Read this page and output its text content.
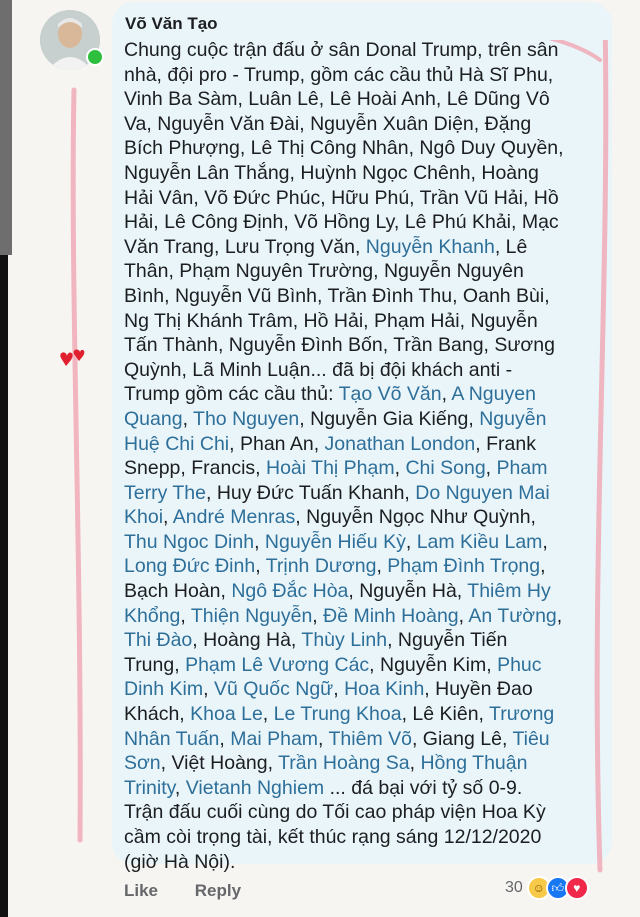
Võ Văn Tạo
Chung cuộc trận đấu ở sân Donal Trump, trên sân
nhà, đội pro - Trump, gồm các cầu thủ Hà Sĩ Phu,
Vinh Ba Sàm, Luân Lê, Lê Hoài Anh, Lê Dũng Vô
Va, Nguyễn Văn Đài, Nguyễn Xuân Diện, Đặng
Bích Phượng, Lê Thị Công Nhân, Ngô Duy Quyền,
Nguyễn Lân Thắng, Huỳnh Ngọc Chênh, Hoàng
Hải Vân, Võ Đức Phúc, Hữu Phú, Trần Vũ Hải, Hồ
Hải, Lê Công Định, Võ Hồng Ly, Lê Phú Khải, Mạc
Văn Trang, Lưu Trọng Văn, Nguyễn Khanh, Lê
Thân, Phạm Nguyên Trường, Nguyễn Nguyên
Bình, Nguyễn Vũ Bình, Trần Đình Thu, Oanh Bùi,
Ng Thị Khánh Trâm, Hồ Hải, Phạm Hải, Nguyễn
Tấn Thành, Nguyễn Đình Bốn, Trần Bang, Sương
Quỳnh, Lã Minh Luận... đã bị đội khách anti -
Trump gồm các cầu thủ: Tạo Võ Văn, A Nguyen
Quang, Tho Nguyen, Nguyễn Gia Kiếng, Nguyễn
Huệ Chi Chi, Phan An, Jonathan London, Frank
Snepp, Francis, Hoài Thị Phạm, Chi Song, Pham
Terry The, Huy Đức Tuấn Khanh, Do Nguyen Mai
Khoi, André Menras, Nguyễn Ngọc Như Quỳnh,
Thu Ngoc Dinh, Nguyễn Hiếu Kỳ, Lam Kiều Lam,
Long Đức Đinh, Trịnh Dương, Phạm Đình Trọng,
Bạch Hoàn, Ngô Đắc Hòa, Nguyễn Hà, Thiêm Hy
Khổng, Thiện Nguyễn, Đề Minh Hoàng, An Tường,
Thi Đào, Hoàng Hà, Thùy Linh, Nguyễn Tiến
Trung, Phạm Lê Vương Các, Nguyễn Kim, Phuc
Dinh Kim, Vũ Quốc Ngữ, Hoa Kinh, Huyền Đao
Khách, Khoa Le, Le Trung Khoa, Lê Kiên, Trương
Nhân Tuấn, Mai Pham, Thiêm Võ, Giang Lê, Tiêu
Sơn, Việt Hoàng, Trần Hoàng Sa, Hồng Thuận
Trinity, Vietanh Nghiem ... đá bại với tỷ số 0-9.
Trận đấu cuối cùng do Tối cao pháp viện Hoa Kỳ
cầm còi trọng tài, kết thúc rạng sáng 12/12/2020
(giờ Hà Nội).
Like Reply	30 ☺ 👍︎ ♥
